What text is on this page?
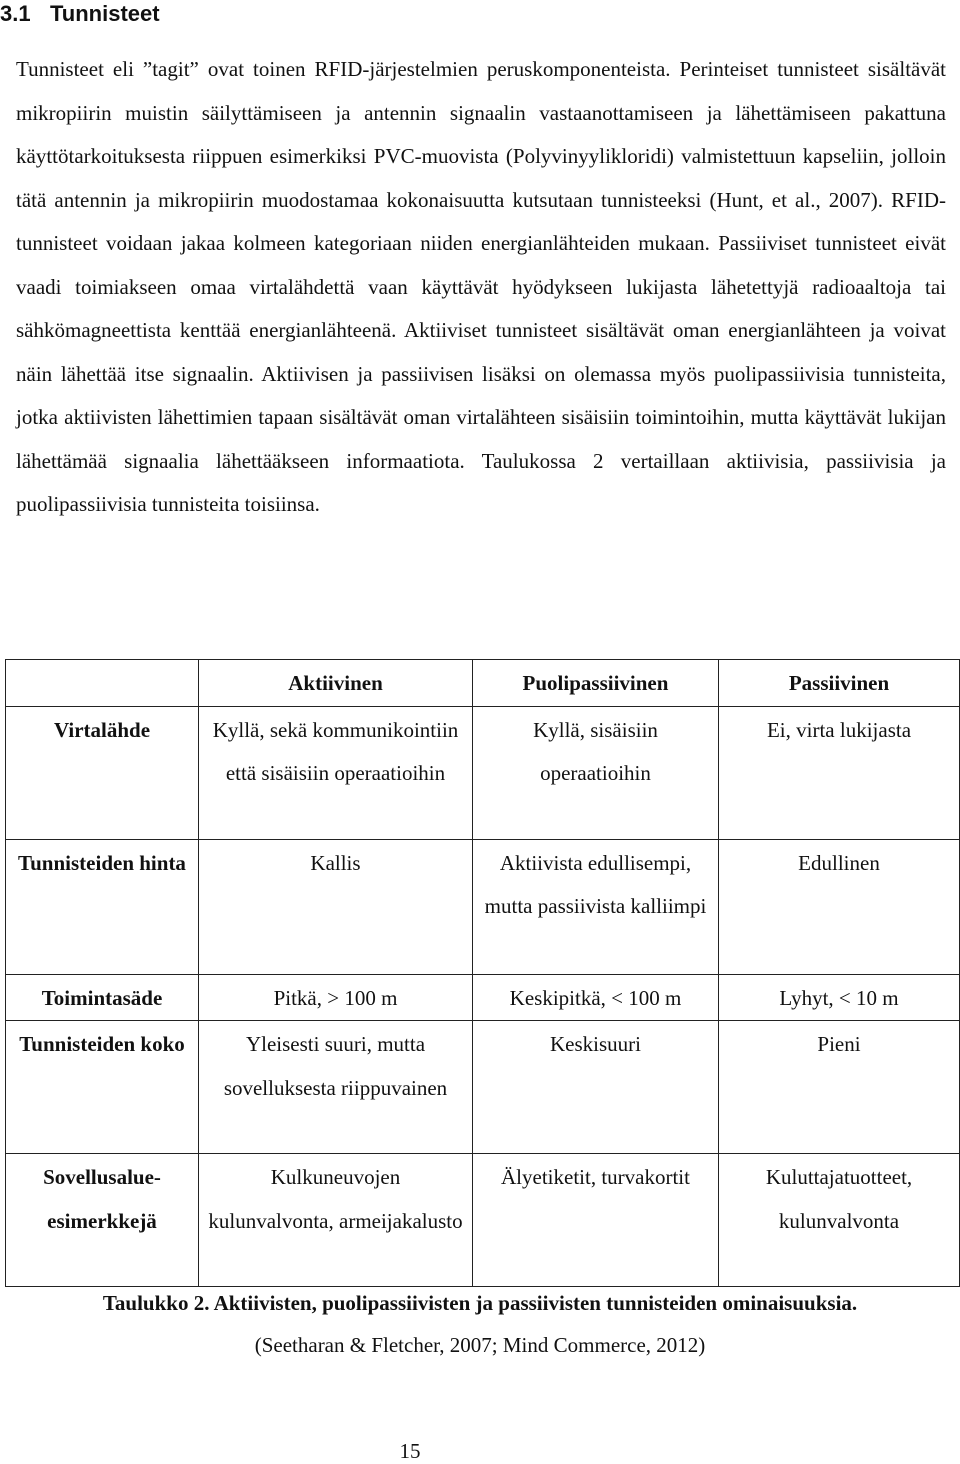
3.1 Tunnisteet

Tunnisteet eli ”tagit” ovat toinen RFID-järjestelmien peruskomponenteista. Perinteiset tunnisteet sisältävät mikropiirin muistin säilyttämiseen ja antennin signaalin vastaanottamiseen ja lähettämiseen pakattuna käyttötarkoituksesta riippuen esimerkiksi PVC-muovista (Polyvinyylikloridi) valmistettuun kapseliin, jolloin tätä antennin ja mikropiirin muodostamaa kokonaisuutta kutsutaan tunnisteeksi (Hunt, et al., 2007). RFID-tunnisteet voidaan jakaa kolmeen kategoriaan niiden energianlähteiden mukaan. Passiiviset tunnisteet eivät vaadi toimiakseen omaa virtalähdettä vaan käyttävät hyödykseen lukijasta lähetettyjä radioaaltoja tai sähkömagneettista kenttää energianlähteenä. Aktiiviset tunnisteet sisältävät oman energianlähteen ja voivat näin lähettää itse signaalin. Aktiivisen ja passiivisen lisäksi on olemassa myös puolipassiivisia tunnisteita, jotka aktiivisten lähettimien tapaan sisältävät oman virtalähteen sisäisiin toimintoihin, mutta käyttävät lukijan lähettämää signaalia lähettääkseen informaatiota. Taulukossa 2 vertaillaan aktiivisia, passiivisia ja puolipassiivisia tunnisteita toisiinsa.

	Aktiivinen	Puolipassiivinen	Passiivinen
Virtalähde	Kyllä, sekä kommunikointiin että sisäisiin operaatioihin	Kyllä, sisäisiin operaatioihin	Ei, virta lukijasta
Tunnisteiden hinta	Kallis	Aktiivista edullisempi, mutta passiivista kalliimpi	Edullinen
Toimintasäde	Pitkä, > 100 m	Keskipitkä, < 100 m	Lyhyt, < 10 m
Tunnisteiden koko	Yleisesti suuri, mutta sovelluksesta riippuvainen	Keskisuuri	Pieni
Sovellusalue-esimerkkejä	Kulkuneuvojen kulunvalvonta, armeijakalusto	Älyetiketit, turvakortit	Kuluttajatuotteet, kulunvalvonta

Taulukko 2. Aktiivisten, puolipassiivisten ja passiivisten tunnisteiden ominaisuuksia.

(Seetharan & Fletcher, 2007; Mind Commerce, 2012)

15
